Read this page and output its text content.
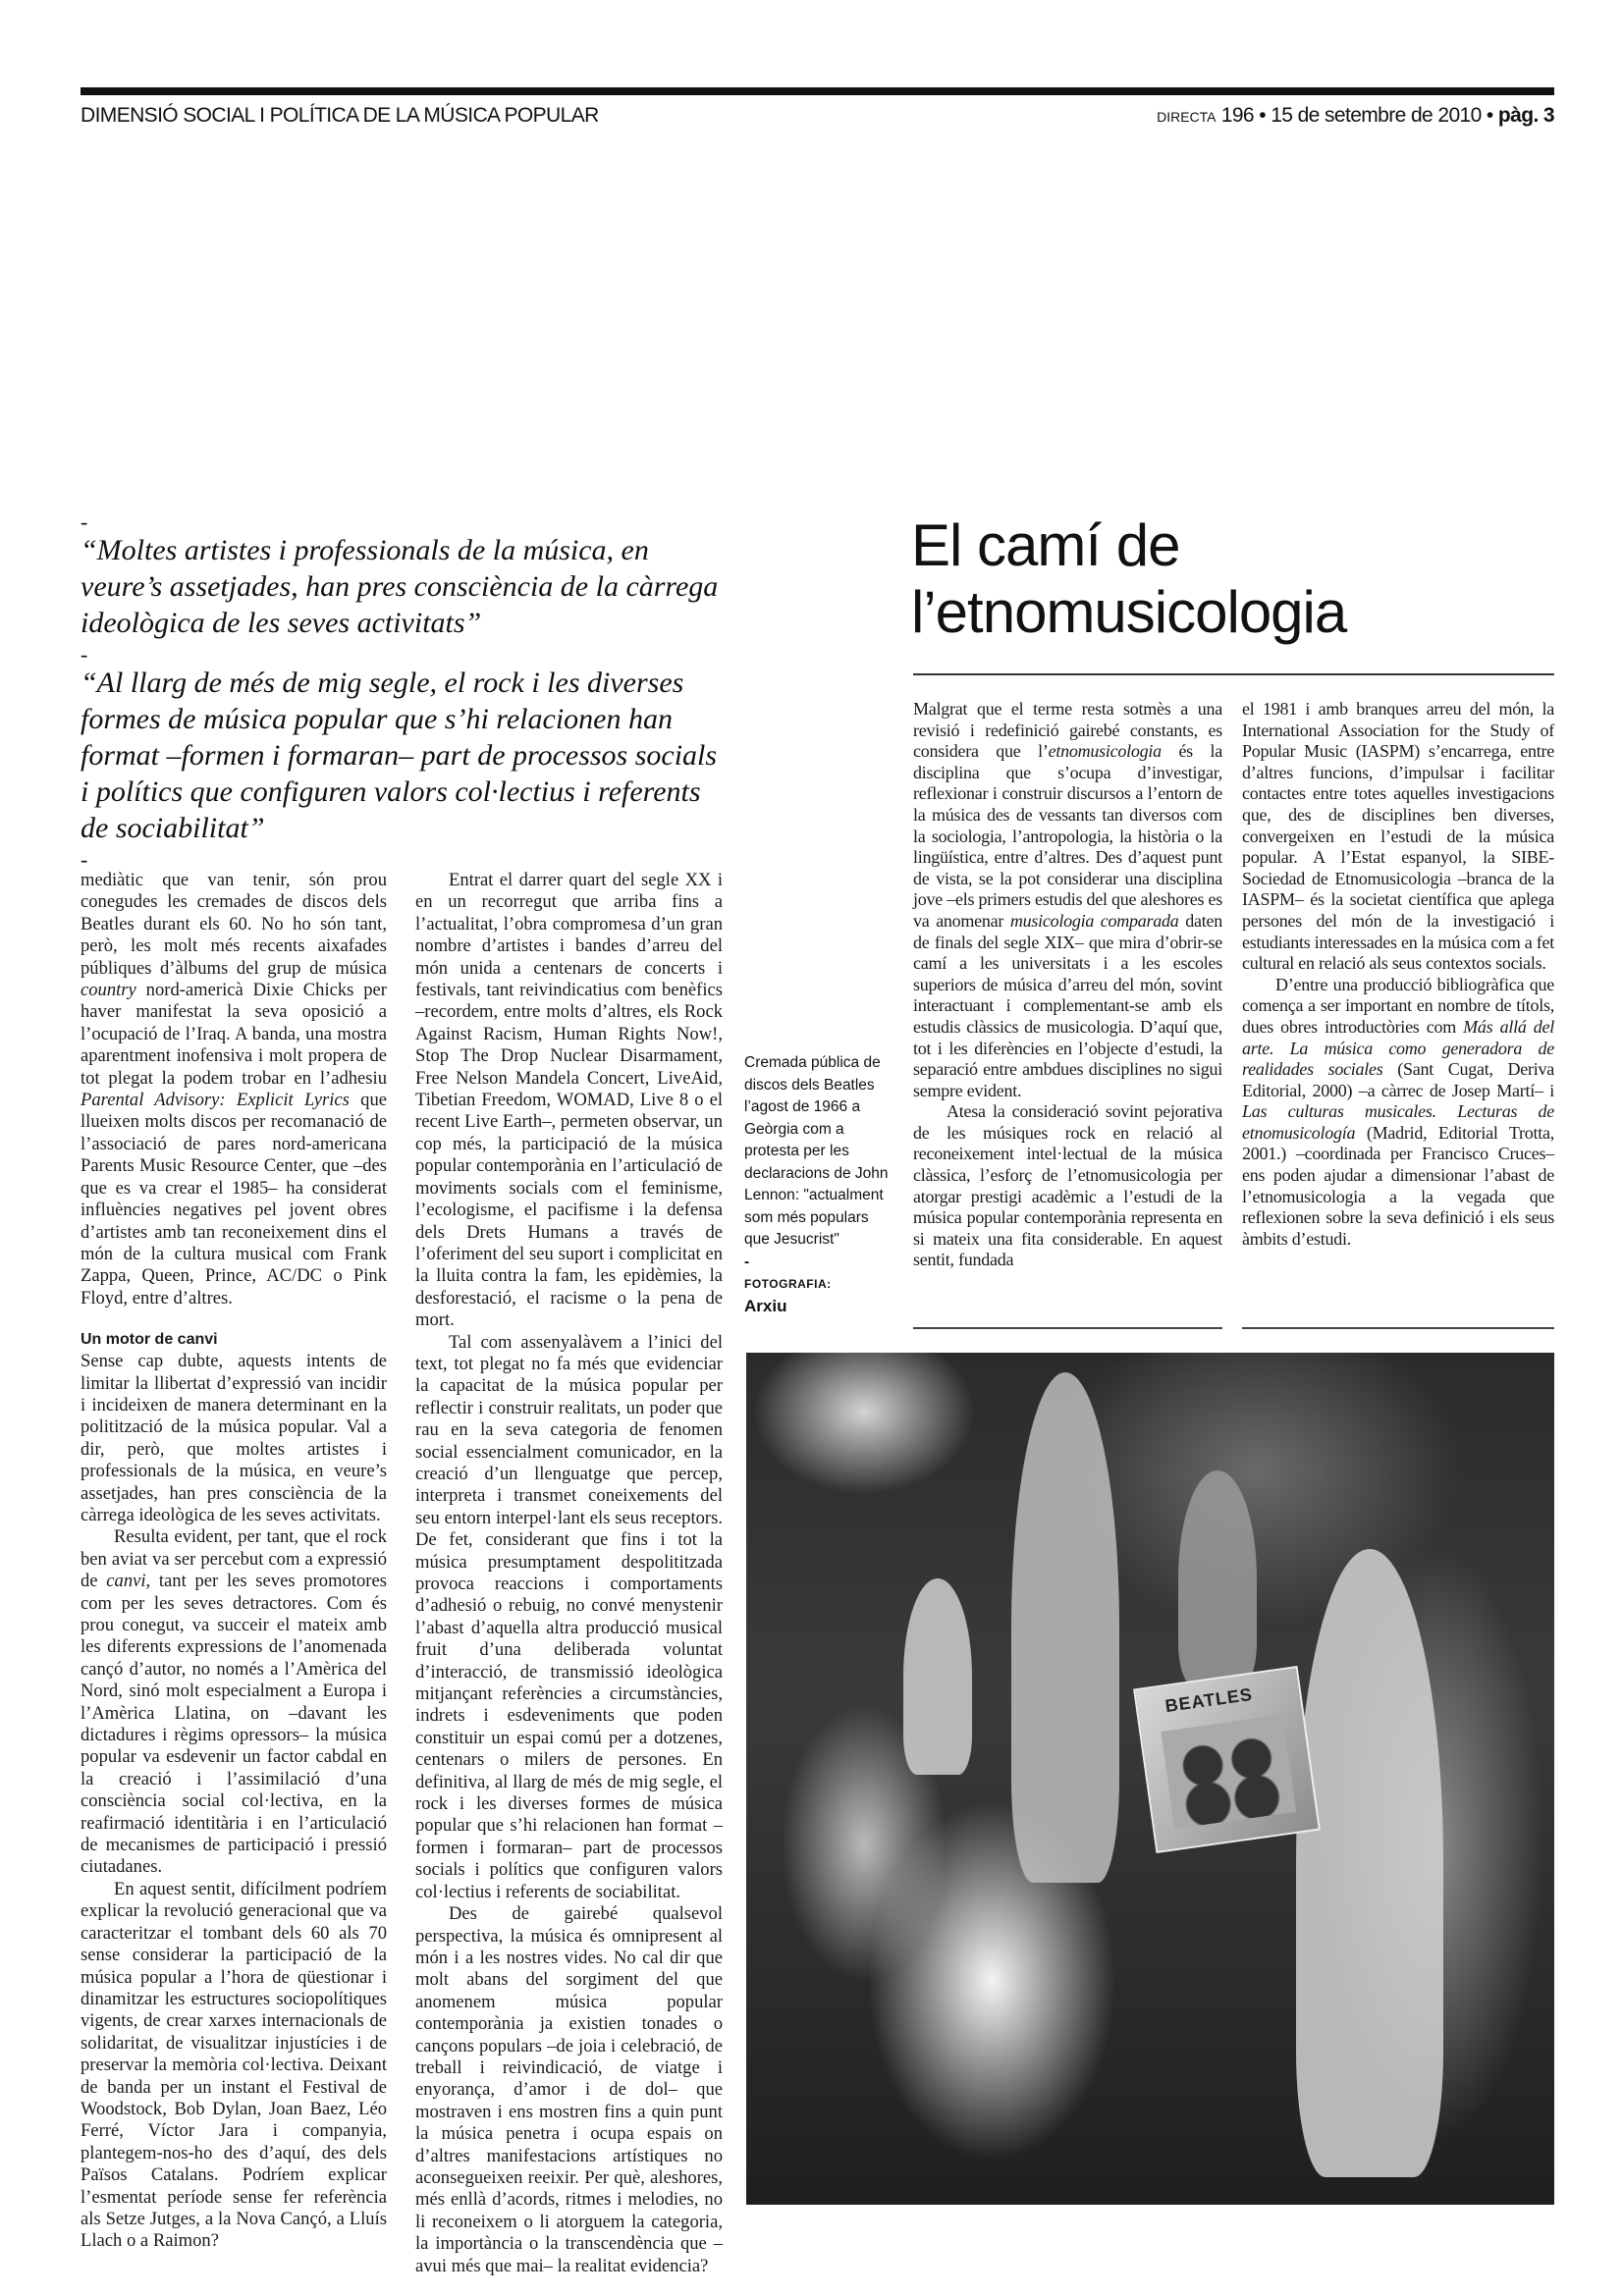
DIMENSIÓ SOCIAL I POLÍTICA DE LA MÚSICA POPULAR	DIRECTA 196 • 15 de setembre de 2010 • pàg. 3
-

“Moltes artistes i professionals de la música, en veure’s assetjades, han pres consciència de la càrrega ideològica de les seves activitats”

-

“Al llarg de més de mig segle, el rock i les diverses formes de música popular que s’hi relacionen han format –formen i formaran– part de processos socials i polítics que configuren valors col·lectius i referents de sociabilitat”

-
El camí de
l’etnomusicologia

mediàtic que van tenir, són prou conegudes les cremades de discos dels Beatles durant els 60. No ho són tant, però, les molt més recents aixafades públiques d’àlbums del grup de música country nord-americà Dixie Chicks per haver manifestat la seva oposició a l’ocupació de l’Iraq. A banda, una mostra aparentment inofensiva i molt propera de tot plegat la podem trobar en l’adhesiu Parental Advisory: Explicit Lyrics que llueixen molts discos per recomanació de l’associació de pares nord-americana Parents Music Resource Center, que –des que es va crear el 1985– ha considerat influències negatives pel jovent obres d’artistes amb tan reconeixement dins el món de la cultura musical com Frank Zappa, Queen, Prince, AC/DC o Pink Floyd, entre d’altres.

Un motor de canvi

Sense cap dubte, aquests intents de limitar la llibertat d’expressió van incidir i incideixen de manera determinant en la politització de la música popular. Val a dir, però, que moltes artistes i professionals de la música, en veure’s assetjades, han pres consciència de la càrrega ideològica de les seves activitats.

Resulta evident, per tant, que el rock ben aviat va ser percebut com a expressió de canvi, tant per les seves promotores com per les seves detractores. Com és prou conegut, va succeir el mateix amb les diferents expressions de l’anomenada cançó d’autor, no només a l’Amèrica del Nord, sinó molt especialment a Europa i l’Amèrica Llatina, on –davant les dictadures i règims opressors– la música popular va esdevenir un factor cabdal en la creació i l’assimilació d’una consciència social col·lectiva, en la reafirmació identitària i en l’articulació de mecanismes de participació i pressió ciutadanes.

En aquest sentit, difícilment podríem explicar la revolució generacional que va caracteritzar el tombant dels 60 als 70 sense considerar la participació de la música popular a l’hora de qüestionar i dinamitzar les estructures sociopolítiques vigents, de crear xarxes internacionals de solidaritat, de visualitzar injustícies i de preservar la memòria col·lectiva. Deixant de banda per un instant el Festival de Woodstock, Bob Dylan, Joan Baez, Léo Ferré, Víctor Jara i companyia, plantegem-nos-ho des d’aquí, des dels Països Catalans. Podríem explicar l’esmentat període sense fer referència als Setze Jutges, a la Nova Cançó, a Lluís Llach o a Raimon?

Entrat el darrer quart del segle XX i en un recorregut que arriba fins a l’actualitat, l’obra compromesa d’un gran nombre d’artistes i bandes d’arreu del món unida a centenars de concerts i festivals, tant reivindicatius com benèfics –recordem, entre molts d’altres, els Rock Against Racism, Human Rights Now!, Stop The Drop Nuclear Disarmament, Free Nelson Mandela Concert, LiveAid, Tibetian Freedom, WOMAD, Live 8 o el recent Live Earth–, permeten observar, un cop més, la participació de la música popular contemporània en l’articulació de moviments socials com el feminisme, l’ecologisme, el pacifisme i la defensa dels Drets Humans a través de l’oferiment del seu suport i complicitat en la lluita contra la fam, les epidèmies, la desforestació, el racisme o la pena de mort.

Tal com assenyalàvem a l’inici del text, tot plegat no fa més que evidenciar la capacitat de la música popular per reflectir i construir realitats, un poder que rau en la seva categoria de fenomen social essencialment comunicador, en la creació d’un llenguatge que percep, interpreta i transmet coneixements del seu entorn interpel·lant els seus receptors. De fet, considerant que fins i tot la música presumptament despolititzada provoca reaccions i comportaments d’adhesió o rebuig, no convé menystenir l’abast d’aquella altra producció musical fruit d’una deliberada voluntat d’interacció, de transmissió ideològica mitjançant referències a circumstàncies, indrets i esdeveniments que poden constituir un espai comú per a dotzenes, centenars o milers de persones. En definitiva, al llarg de més de mig segle, el rock i les diverses formes de música popular que s’hi relacionen han format –formen i formaran– part de processos socials i polítics que configuren valors col·lectius i referents de sociabilitat.

Des de gairebé qualsevol perspectiva, la música és omnipresent al món i a les nostres vides. No cal dir que molt abans del sorgiment del que anomenem música popular contemporània ja existien tonades o cançons populars –de joia i celebració, de treball i reivindicació, de viatge i enyorança, d’amor i de dol– que mostraven i ens mostren fins a quin punt la música penetra i ocupa espais on d’altres manifestacions artístiques no aconsegueixen reeixir. Per què, aleshores, més enllà d’acords, ritmes i melodies, no li reconeixem o li atorguem la categoria, la importància o la transcendència que –avui més que mai– la realitat evidencia?

Malgrat que el terme resta sotmès a una revisió i redefinició gairebé constants, es considera que l’etnomusicologia és la disciplina que s’ocupa d’investigar, reflexionar i construir discursos a l’entorn de la música des de vessants tan diversos com la sociologia, l’antropologia, la història o la lingüística, entre d’altres. Des d’aquest punt de vista, se la pot considerar una disciplina jove –els primers estudis del que aleshores es va anomenar musicologia comparada daten de finals del segle XIX– que mira d’obrir-se camí a les universitats i a les escoles superiors de música d’arreu del món, sovint interactuant i complementant-se amb els estudis clàssics de musicologia. D’aquí que, tot i les diferències en l’objecte d’estudi, la separació entre ambdues disciplines no sigui sempre evident.

Atesa la consideració sovint pejorativa de les músiques rock en relació al reconeixement intel·lectual de la música clàssica, l’esforç de l’etnomusicologia per atorgar prestigi acadèmic a l’estudi de la música popular contemporània representa en si mateix una fita considerable. En aquest sentit, fundada

el 1981 i amb branques arreu del món, la International Association for the Study of Popular Music (IASPM) s’encarrega, entre d’altres funcions, d’impulsar i facilitar contactes entre totes aquelles investigacions que, des de disciplines ben diverses, convergeixen en l’estudi de la música popular. A l’Estat espanyol, la SIBE-Sociedad de Etnomusicologia –branca de la IASPM– és la societat científica que aplega persones del món de la investigació i estudiants interessades en la música com a fet cultural en relació als seus contextos socials.

D’entre una producció bibliogràfica que comença a ser important en nombre de títols, dues obres introductòries com Más allá del arte. La música como generadora de realidades sociales (Sant Cugat, Deriva Editorial, 2000) –a càrrec de Josep Martí– i Las culturas musicales. Lecturas de etnomusicología (Madrid, Editorial Trotta, 2001.) –coordinada per Francisco Cruces– ens poden ajudar a dimensionar l’abast de l’etnomusicologia a la vegada que reflexionen sobre la seva definició i els seus àmbits d’estudi.

Cremada pública de discos dels Beatles l’agost de 1966 a Geòrgia com a protesta per les declaracions de John Lennon: "actualment som més populars que Jesucrist"
-
FOTOGRAFIA:
Arxiu
BEATLES
